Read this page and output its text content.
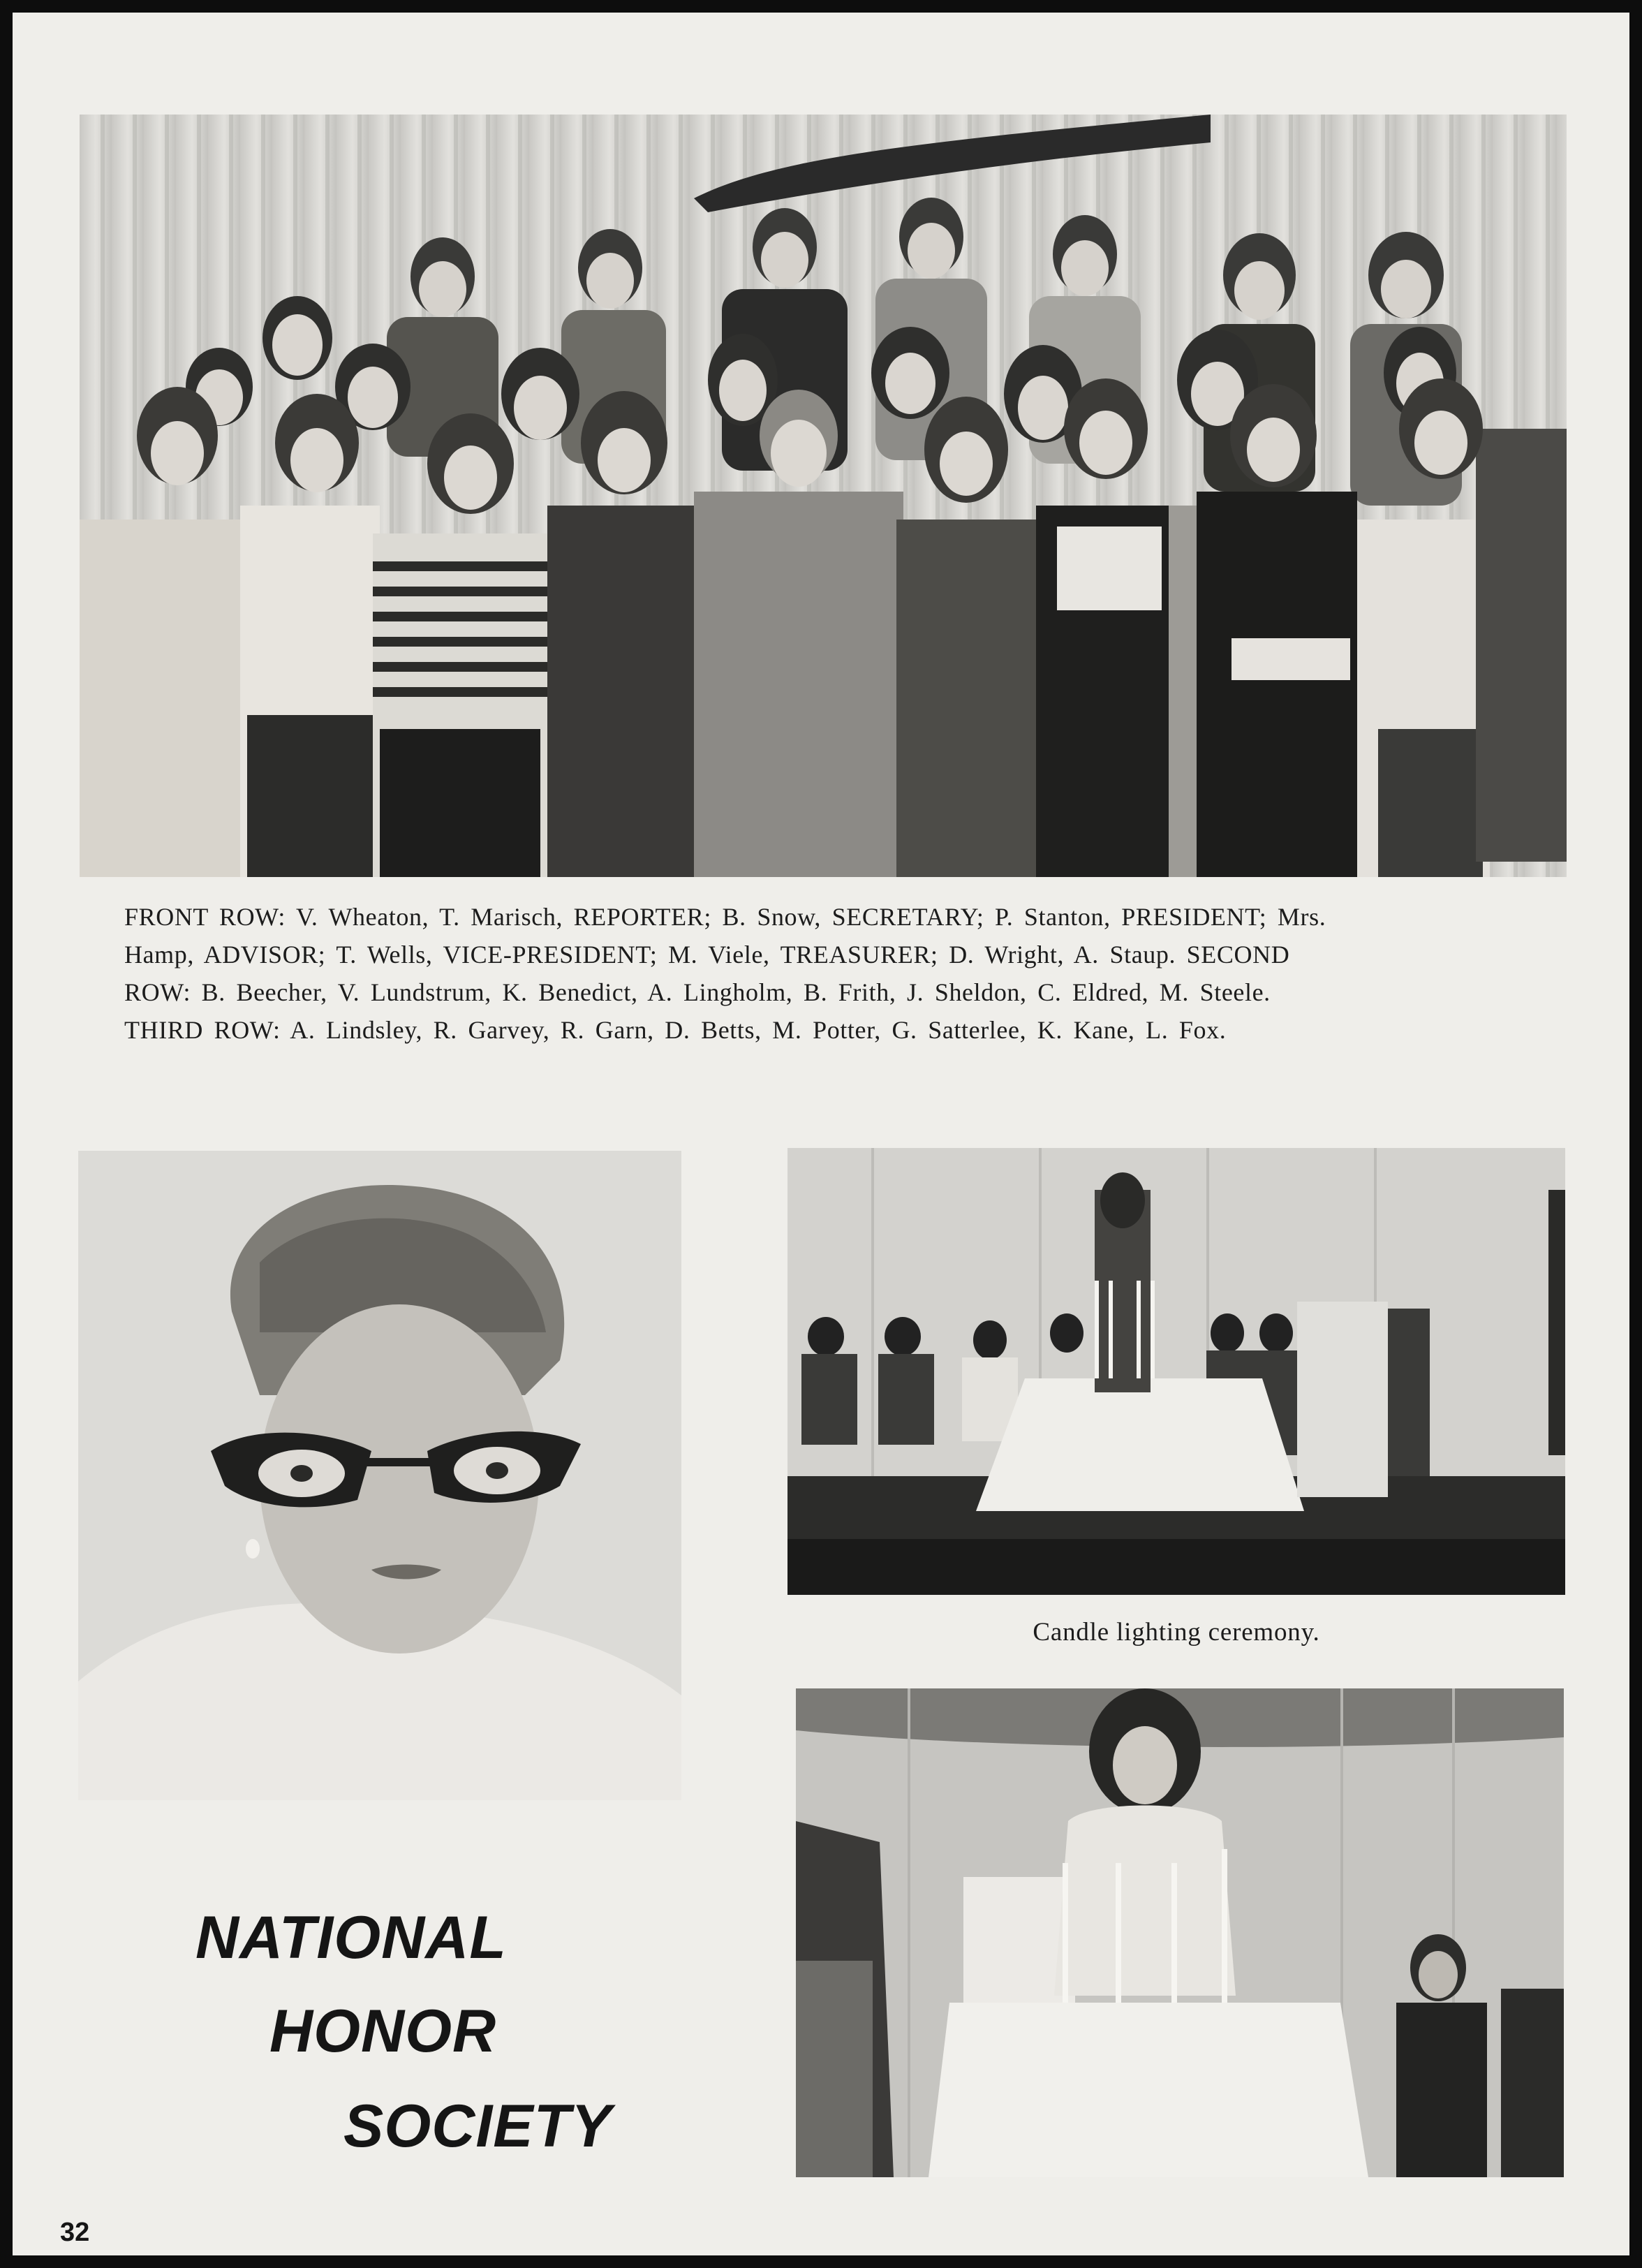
FRONT ROW: V. Wheaton, T. Marisch, REPORTER; B. Snow, SECRETARY; P. Stanton, PRESIDENT; Mrs.

Hamp, ADVISOR; T. Wells, VICE-PRESIDENT; M. Viele, TREASURER; D. Wright, A. Staup. SECOND

ROW: B. Beecher, V. Lundstrum, K. Benedict, A. Lingholm, B. Frith, J. Sheldon, C. Eldred, M. Steele.

THIRD ROW: A. Lindsley, R. Garvey, R. Garn, D. Betts, M. Potter, G. Satterlee, K. Kane, L. Fox.

Candle lighting ceremony.
NATIONAL
HONOR
SOCIETY
32
